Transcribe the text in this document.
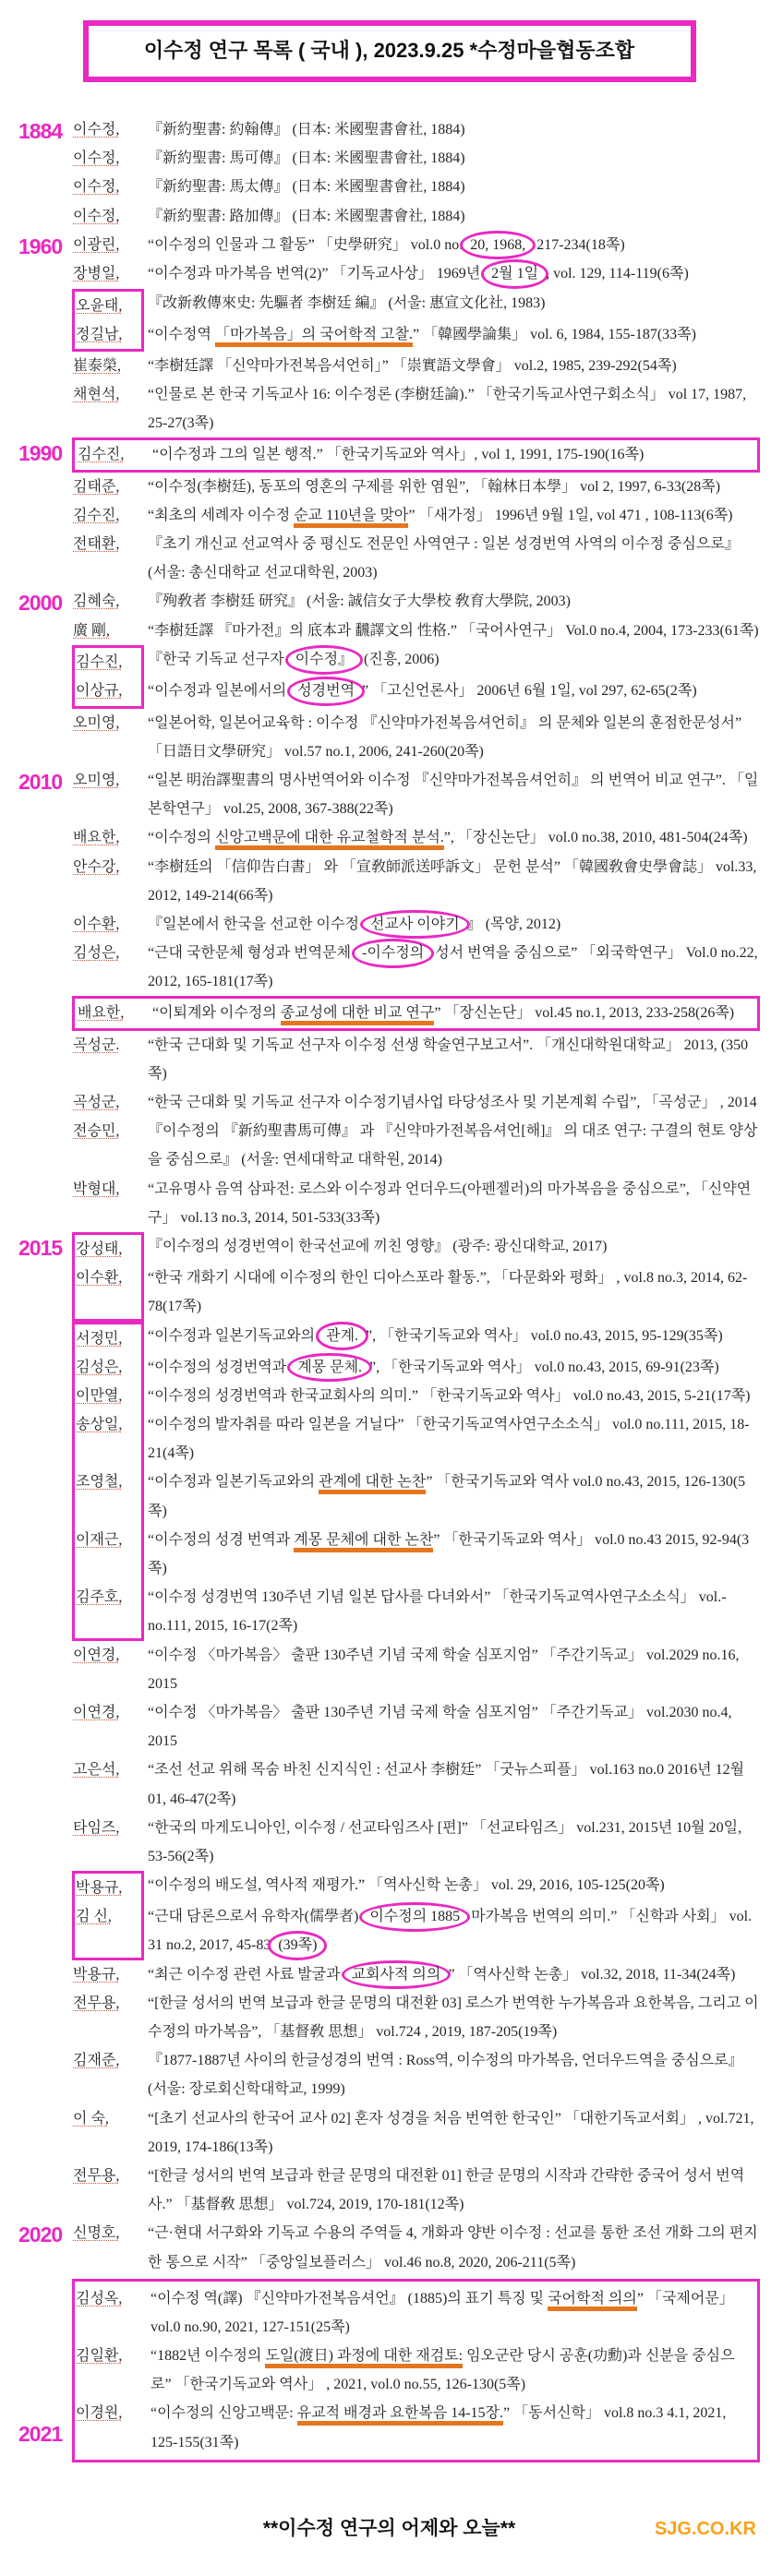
이수정 연구 목록 ( 국내 ), 2023.9.25 *수정마을협동조합
1884 이수정,	『新約聖書: 約翰傳』 (日本: 米國聖書會社, 1884)
이수정,	『新約聖書: 馬可傳』 (日本: 米國聖書會社, 1884)
이수정,	『新約聖書: 馬太傳』 (日本: 米國聖書會社, 1884)
이수정,	『新約聖書: 路加傳』 (日本: 米國聖書會社, 1884)
1960 이광린,	“이수정의 인물과 그 활동” 「史學研究」 vol.0 no. 20, 1968, 217-234(18쪽)
장병일,	“이수정과 마가복음 번역(2)” 「기독교사상」 1969년 2월 1일 , vol. 129, 114-119(6쪽)
오윤태,	『改新敎傳來史: 先驅者 李樹廷 編』 (서울: 惠宣文化社, 1983)
정길남,	“이수정역 「마가복음」의 국어학적 고찰.” 「韓國學論集」 vol. 6, 1984, 155-187(33쪽)
崔泰榮,	“李樹廷譯 「신약마가전복음셔언히」” 「崇實語文學會」 vol.2, 1985, 239-292(54쪽)
채현석,	“인물로 본 한국 기독교사 16: 이수정론 (李樹廷論).” 「한국기독교사연구회소식」 vol 17, 1987, 25-27(3쪽)
1990	김수진,	“이수정과 그의 일본 행적.” 「한국기독교와 역사」, vol 1, 1991, 175-190(16쪽)
김태준,	“이수정(李樹廷), 동포의 영혼의 구제를 위한 염원”, 「翰林日本學」 vol 2, 1997, 6-33(28쪽)
김수진,	“최초의 세례자 이수정 순교 110년을 맞아” 「새가정」 1996년 9월 1일, vol 471 , 108-113(6쪽)
전태환,	『초기 개신교 선교역사 중 평신도 전문인 사역연구 : 일본 성경번역 사역의 이수정 중심으로』 (서울: 총신대학교 선교대학원, 2003)
2000 김혜숙,	『殉敎者 李樹廷 研究』 (서울: 誠信女子大學校 敎育大學院, 2003)
廣 剛,	“李樹廷譯 『마가전』의 底本과 飜譯文의 性格.” 「국어사연구」 Vol.0 no.4, 2004, 173-233(61쪽)
김수진,	『한국 기독교 선구자 이수정』 (진흥, 2006)
이상규,	“이수정과 일본에서의 성경번역 ” 「고신언론사」 2006년 6월 1일, vol 297, 62-65(2쪽)
오미영,	“일본어학, 일본어교육학 : 이수정 『신약마가전복음셔언히』 의 문체와 일본의 훈점한문성서” 「日語日文學研究」 vol.57 no.1, 2006, 241-260(20쪽)
2010 오미영,	“일본 明治譯聖書의 명사번역어와 이수정 『신약마가전복음셔언히』 의 번역어 비교 연구”. 「일본학연구」 vol.25, 2008, 367-388(22쪽)
배요한,	“이수정의 신앙고백문에 대한 유교철학적 분석.”, 「장신논단」 vol.0 no.38, 2010, 481-504(24쪽)
안수강,	“李樹廷의 「信仰告白書」 와 「宣敎師派送呼訴文」 문헌 분석” 「韓國敎會史學會誌」 vol.33, 2012, 149-214(66쪽)
이수환,	『일본에서 한국을 선교한 이수정 선교사 이야기 』 (목양, 2012)
김성은,	“근대 국한문체 형성과 번역문체 -이수정의 성서 번역을 중심으로” 「외국학연구」 Vol.0 no.22, 2012, 165-181(17쪽)
배요한,	“이퇴계와 이수정의 종교성에 대한 비교 연구” 「장신논단」 vol.45 no.1, 2013, 233-258(26쪽)
곡성군.	“한국 근대화 및 기독교 선구자 이수정 선생 학술연구보고서”. 「개신대학원대학교」 2013, (350쪽)
곡성군,	“한국 근대화 및 기독교 선구자 이수정기념사업 타당성조사 및 기본계획 수립”, 「곡성군」 , 2014
전승민,	『이수정의 『新約聖書馬可傳』 과 『신약마가전복음셔언[해]』 의 대조 연구: 구결의 현토 양상을 중심으로』 (서울: 연세대학교 대학원, 2014)
박형대,	“고유명사 음역 삼파전: 로스와 이수정과 언더우드(아펜젤러)의 마가복음을 중심으로”, 「신약연구」 vol.13 no.3, 2014, 501-533(33쪽)
2015 강성태,	『이수정의 성경번역이 한국선교에 끼친 영향』 (광주: 광신대학교, 2017)
이수환,	“한국 개화기 시대에 이수정의 한인 디아스포라 활동.”, 「다문화와 평화」 , vol.8 no.3, 2014, 62-78(17쪽)
서정민,	“이수정과 일본기독교와의 관계. ”, 「한국기독교와 역사」 vol.0 no.43, 2015, 95-129(35쪽)
김성은,	“이수정의 성경번역과 계몽 문체. ”, 「한국기독교와 역사」 vol.0 no.43, 2015, 69-91(23쪽)
이만열,	“이수정의 성경번역과 한국교회사의 의미.” 「한국기독교와 역사」 vol.0 no.43, 2015, 5-21(17쪽)
송상일,	“이수정의 발자취를 따라 일본을 거닐다” 「한국기독교역사연구소소식」 vol.0 no.111, 2015, 18-21(4쪽)
조영철,	“이수정과 일본기독교와의 관계에 대한 논찬” 「한국기독교와 역사 vol.0 no.43, 2015, 126-130(5쪽)
이재근,	“이수정의 성경 번역과 계몽 문체에 대한 논찬” 「한국기독교와 역사」 vol.0 no.43 2015, 92-94(3쪽)
김주호,	“이수정 성경번역 130주년 기념 일본 답사를 다녀와서” 「한국기독교역사연구소소식」 vol.- no.111, 2015, 16-17(2쪽)
이연경,	“이수정 〈마가복음〉 출판 130주년 기념 국제 학술 심포지엄” 「주간기독교」 vol.2029 no.16, 2015
이연경,	“이수정 〈마가복음〉 출판 130주년 기념 국제 학술 심포지엄” 「주간기독교」 vol.2030 no.4, 2015
고은석,	“조선 선교 위해 목숨 바친 신지식인 : 선교사 李樹廷” 「굿뉴스피플」 vol.163 no.0 2016년 12월 01, 46-47(2쪽)
타임즈,	“한국의 마게도니아인, 이수정 / 선교타임즈사 [편]” 「선교타임즈」 vol.231, 2015년 10월 20일, 53-56(2쪽)
박용규,	“이수정의 배도설, 역사적 재평가.” 「역사신학 논총」 vol. 29, 2016, 105-125(20쪽)
김 신,	“근대 담론으로서 유학자(儒學者) 이수정의 1885 마가복음 번역의 의미.” 「신학과 사회」 vol. 31 no.2, 2017, 45-83 (39쪽)
박용규,	“최근 이수정 관련 사료 발굴과 교회사적 의의 ” 「역사신학 논총」 vol.32, 2018, 11-34(24쪽)
전무용,	“[한글 성서의 번역 보급과 한글 문명의 대전환 03] 로스가 번역한 누가복음과 요한복음, 그리고 이수정의 마가복음”, 「基督敎 思想」 vol.724 , 2019, 187-205(19쪽)
김재준,	『1877-1887년 사이의 한글성경의 번역 : Ross역, 이수정의 마가복음, 언더우드역을 중심으로』 (서울: 장로회신학대학교, 1999)
이 숙,	“[초기 선교사의 한국어 교사 02] 혼자 성경을 처음 번역한 한국인” 「대한기독교서회」 , vol.721, 2019, 174-186(13쪽)
전무용,	“[한글 성서의 번역 보급과 한글 문명의 대전환 01] 한글 문명의 시작과 간략한 중국어 성서 번역사.” 「基督敎 思想」 vol.724, 2019, 170-181(12쪽)
2020 신명호,	“근·현대 서구화와 기독교 수용의 주역들 4, 개화과 양반 이수정 : 선교를 통한 조선 개화 그의 편지 한 통으로 시작” 「중앙일보플러스」 vol.46 no.8, 2020, 206-211(5쪽)
김성옥,	“이수정 역(譯) 『신약마가전복음셔언』 (1885)의 표기 특징 및 국어학적 의의” 「국제어문」 vol.0 no.90, 2021, 127-151(25쪽)
김일환,	“1882년 이수정의 도일(渡日) 과정에 대한 재검토: 임오군란 당시 공훈(功勳)과 신분을 중심으로” 「한국기독교와 역사」 , 2021, vol.0 no.55, 126-130(5쪽)
이경원,	“이수정의 신앙고백문: 유교적 배경과 요한복음 14-15장.” 「동서신학」 vol.8 no.3 4.1, 2021, 125-155(31쪽)
2021
**이수정 연구의 어제와 오늘**	SJG.CO.KR
